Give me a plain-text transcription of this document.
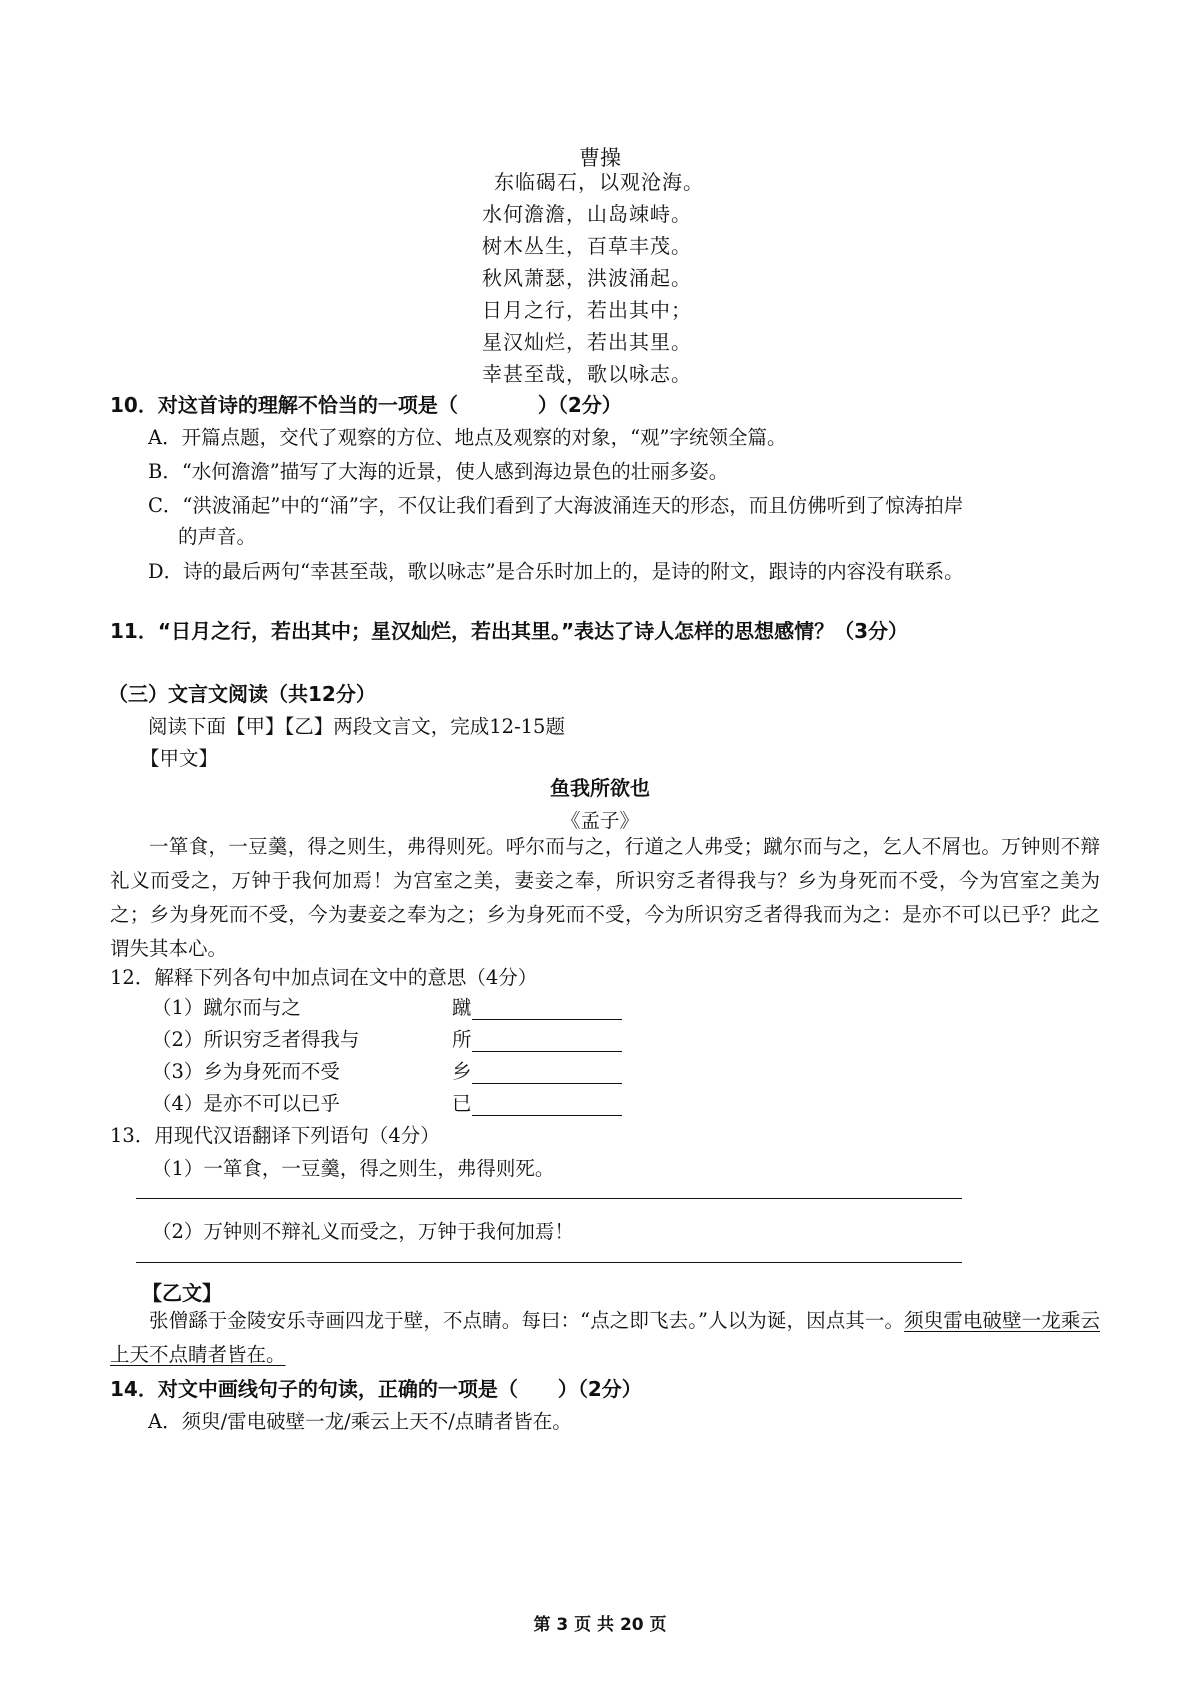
曹操
东临碣石，以观沧海。
水何澹澹，山岛竦峙。
树木丛生，百草丰茂。
秋风萧瑟，洪波涌起。
日月之行，若出其中；
星汉灿烂，若出其里。
幸甚至哉，歌以咏志。
10．对这首诗的理解不恰当的一项是（　　　　）（2分）
A．开篇点题，交代了观察的方位、地点及观察的对象，“观”字统领全篇。
B．“水何澹澹”描写了大海的近景，使人感到海边景色的壮丽多姿。
C．“洪波涌起”中的“涌”字，不仅让我们看到了大海波涌连天的形态，而且仿佛听到了惊涛拍岸
的声音。
D．诗的最后两句“幸甚至哉，歌以咏志”是合乐时加上的，是诗的附文，跟诗的内容没有联系。
11．“日月之行，若出其中；星汉灿烂，若出其里。”表达了诗人怎样的思想感情？（3分）
（三）文言文阅读（共12分）
阅读下面【甲】【乙】两段文言文，完成12-15题
【甲文】
鱼我所欲也
《孟子》
一箪食，一豆羹，得之则生，弗得则死。呼尔而与之，行道之人弗受；蹴尔而与之，乞人不屑也。万钟则不辩礼义而受之，万钟于我何加焉！为宫室之美，妻妾之奉，所识穷乏者得我与？乡为身死而不受，今为宫室之美为之；乡为身死而不受，今为妻妾之奉为之；乡为身死而不受，今为所识穷乏者得我而为之：是亦不可以已乎？此之谓失其本心。
12．解释下列各句中加点词在文中的意思（4分）
（1）蹴尔而与之	蹴
（2）所识穷乏者得我与	所
（3）乡为身死而不受	乡
（4）是亦不可以已乎	已
13．用现代汉语翻译下列语句（4分）
（1）一箪食，一豆羹，得之则生，弗得则死。
（2）万钟则不辩礼义而受之，万钟于我何加焉！
【乙文】
张僧繇于金陵安乐寺画四龙于壁，不点睛。每曰：“点之即飞去。”人以为诞，因点其一。须臾雷电破壁一龙乘云上天不点睛者皆在。
14．对文中画线句子的句读，正确的一项是（　　）（2分）
A．须臾/雷电破壁一龙/乘云上天不/点睛者皆在。
第 3 页 共 20 页
